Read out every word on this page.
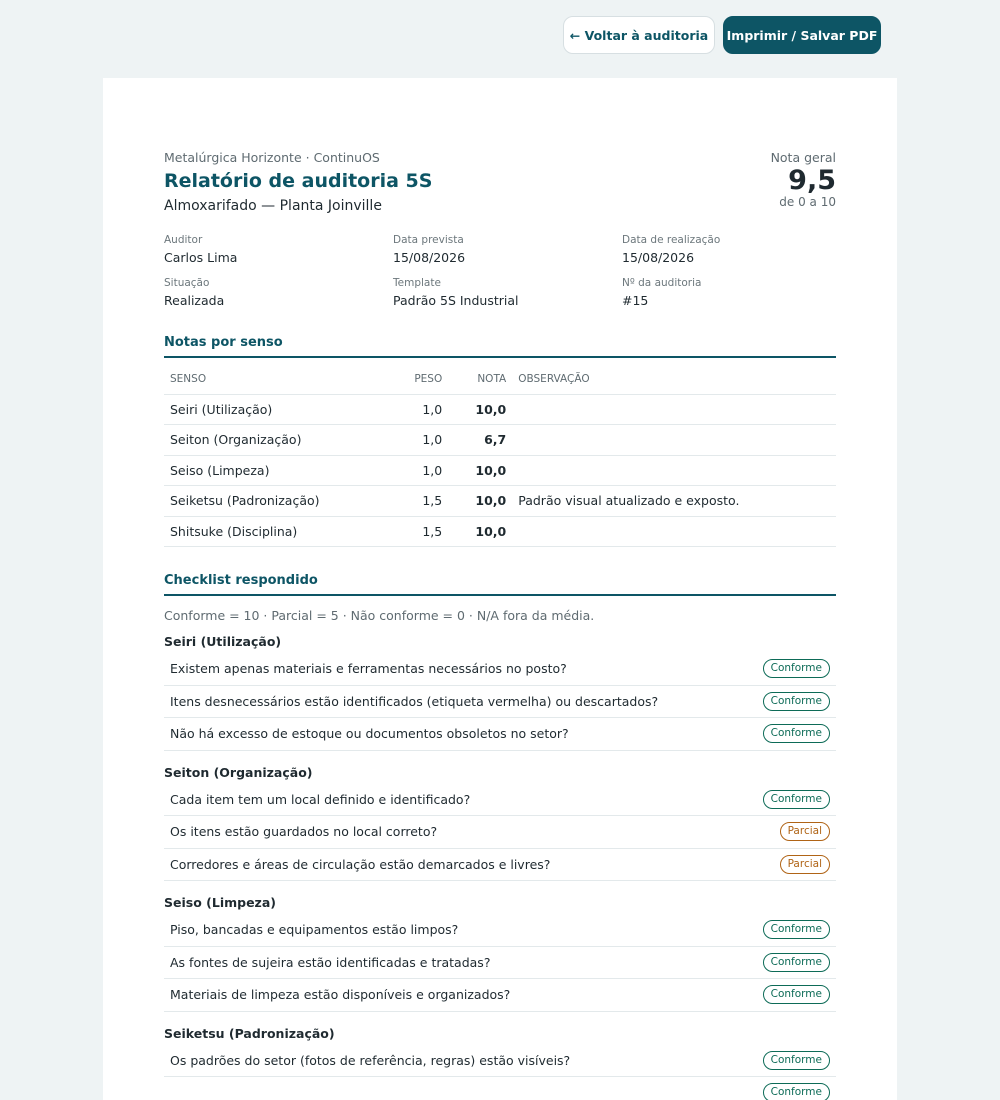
← Voltar à auditoria	Imprimir / Salvar PDF
Metalúrgica Horizonte · ContinuOS
Relatório de auditoria 5S
Almoxarifado — Planta Joinville
Nota geral
9,5
de 0 a 10
Auditor
Carlos Lima
Data prevista
15/08/2026
Data de realização
15/08/2026
Situação
Realizada
Template
Padrão 5S Industrial
Nº da auditoria
#15
Notas por senso
SENSO	PESO	NOTA	OBSERVAÇÃO
Seiri (Utilização)	1,0	10,0	
Seiton (Organização)	1,0	6,7	
Seiso (Limpeza)	1,0	10,0	
Seiketsu (Padronização)	1,5	10,0	Padrão visual atualizado e exposto.
Shitsuke (Disciplina)	1,5	10,0	
Checklist respondido
Conforme = 10 · Parcial = 5 · Não conforme = 0 · N/A fora da média.
Seiri (Utilização)
Existem apenas materiais e ferramentas necessários no posto?	Conforme
Itens desnecessários estão identificados (etiqueta vermelha) ou descartados?	Conforme
Não há excesso de estoque ou documentos obsoletos no setor?	Conforme
Seiton (Organização)
Cada item tem um local definido e identificado?	Conforme
Os itens estão guardados no local correto?	Parcial
Corredores e áreas de circulação estão demarcados e livres?	Parcial
Seiso (Limpeza)
Piso, bancadas e equipamentos estão limpos?	Conforme
As fontes de sujeira estão identificadas e tratadas?	Conforme
Materiais de limpeza estão disponíveis e organizados?	Conforme
Seiketsu (Padronização)
Os padrões do setor (fotos de referência, regras) estão visíveis?	Conforme
Conforme
